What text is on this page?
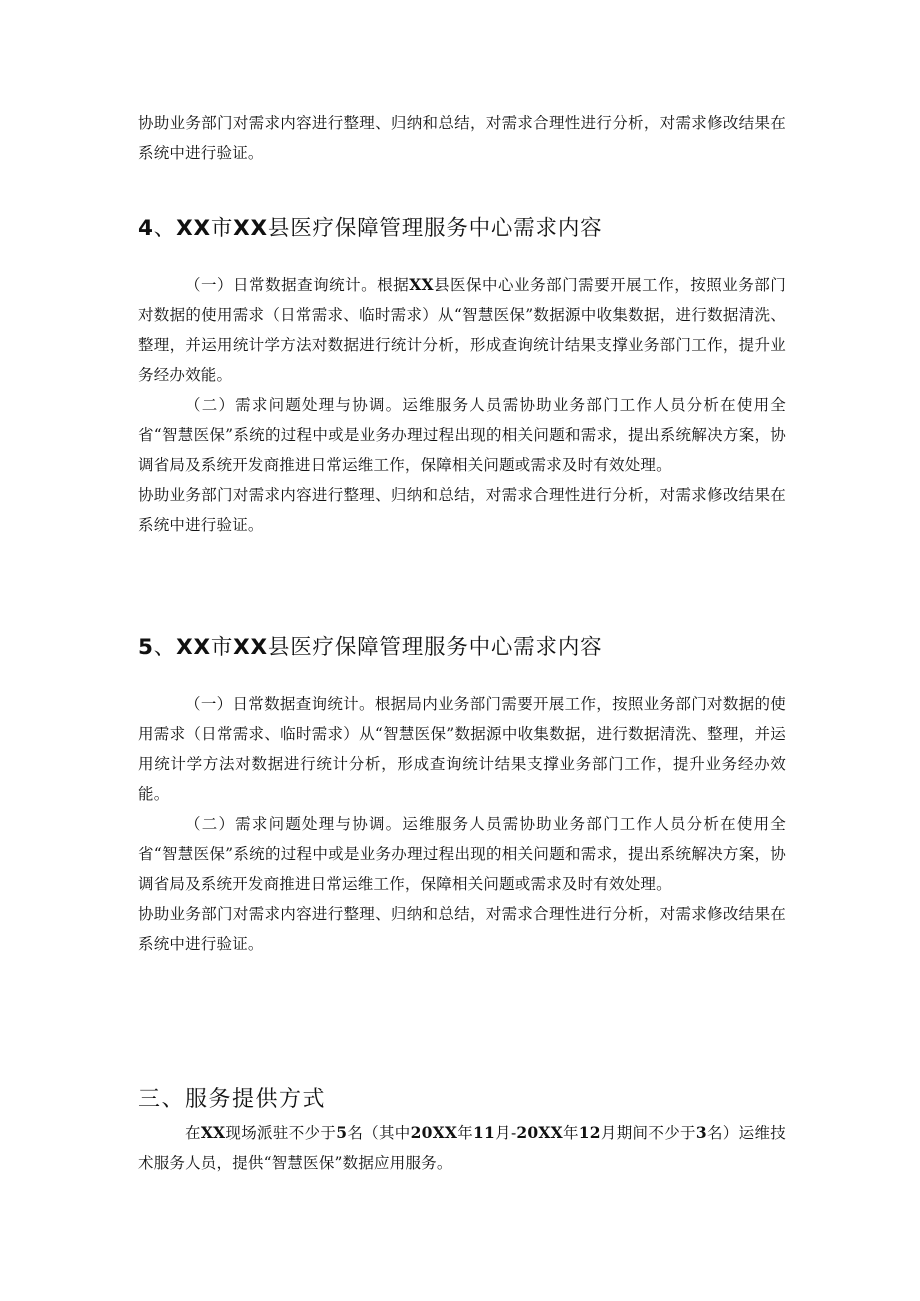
协助业务部门对需求内容进行整理、归纳和总结，对需求合理性进行分析，对需求修改结果在系统中进行验证。

4、XX市XX县医疗保障管理服务中心需求内容

（一）日常数据查询统计。根据XX县医保中心业务部门需要开展工作，按照业务部门对数据的使用需求（日常需求、临时需求）从“智慧医保”数据源中收集数据，进行数据清洗、整理，并运用统计学方法对数据进行统计分析，形成查询统计结果支撑业务部门工作，提升业务经办效能。

（二）需求问题处理与协调。运维服务人员需协助业务部门工作人员分析在使用全省“智慧医保”系统的过程中或是业务办理过程出现的相关问题和需求，提出系统解决方案，协调省局及系统开发商推进日常运维工作，保障相关问题或需求及时有效处理。

协助业务部门对需求内容进行整理、归纳和总结，对需求合理性进行分析，对需求修改结果在系统中进行验证。

5、XX市XX县医疗保障管理服务中心需求内容

（一）日常数据查询统计。根据局内业务部门需要开展工作，按照业务部门对数据的使用需求（日常需求、临时需求）从“智慧医保”数据源中收集数据，进行数据清洗、整理，并运用统计学方法对数据进行统计分析，形成查询统计结果支撑业务部门工作，提升业务经办效能。

（二）需求问题处理与协调。运维服务人员需协助业务部门工作人员分析在使用全省“智慧医保”系统的过程中或是业务办理过程出现的相关问题和需求，提出系统解决方案，协调省局及系统开发商推进日常运维工作，保障相关问题或需求及时有效处理。

协助业务部门对需求内容进行整理、归纳和总结，对需求合理性进行分析，对需求修改结果在系统中进行验证。

三、服务提供方式

在XX现场派驻不少于5名（其中20XX年11月-20XX年12月期间不少于3名）运维技术服务人员，提供“智慧医保”数据应用服务。
